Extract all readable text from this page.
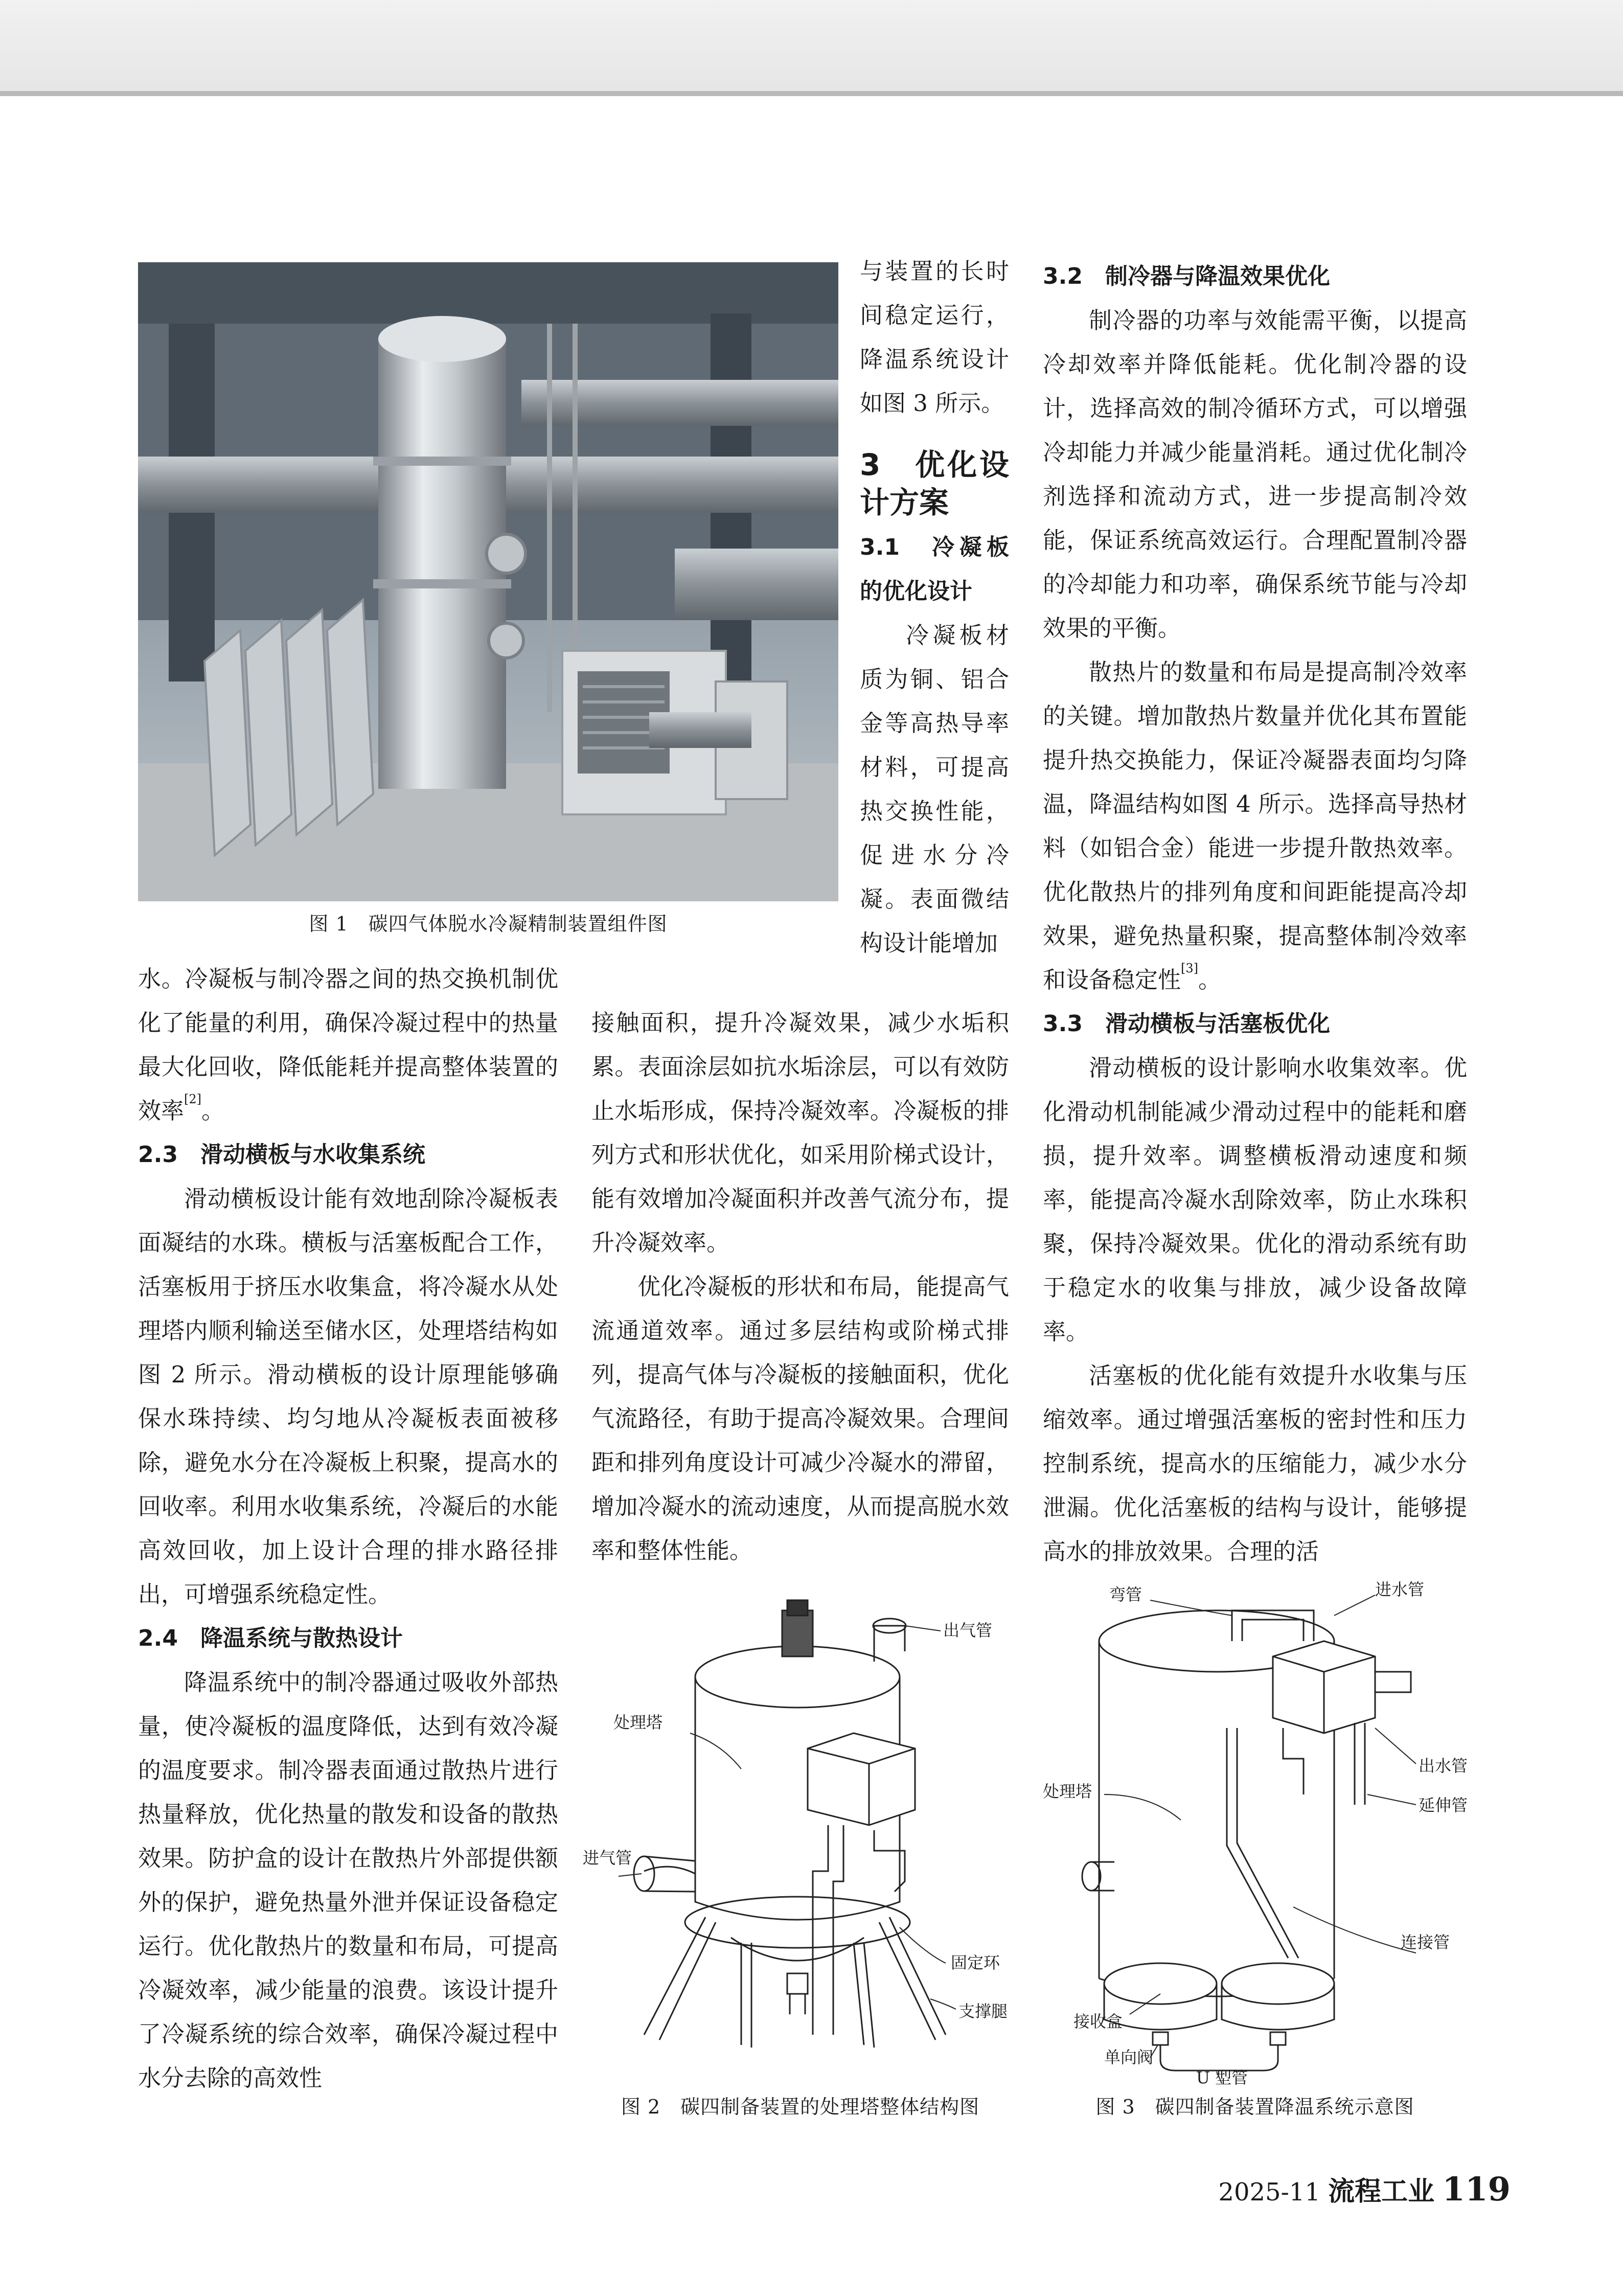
图 1　碳四气体脱水冷凝精制装置组件图

与装置的长时间稳定运行，降温系统设计如图 3 所示。

3　优化设计方案
3.1　冷凝板的优化设计

冷凝板材质为铜、铝合金等高热导率材料，可提高热交换性能，促进水分冷凝。表面微结构设计能增加

水。冷凝板与制冷器之间的热交换机制优化了能量的利用，确保冷凝过程中的热量最大化回收，降低能耗并提高整体装置的效率[2]。

2.3　滑动横板与水收集系统

滑动横板设计能有效地刮除冷凝板表面凝结的水珠。横板与活塞板配合工作，活塞板用于挤压水收集盒，将冷凝水从处理塔内顺利输送至储水区，处理塔结构如图 2 所示。滑动横板的设计原理能够确保水珠持续、均匀地从冷凝板表面被移除，避免水分在冷凝板上积聚，提高水的回收率。利用水收集系统，冷凝后的水能高效回收，加上设计合理的排水路径排出，可增强系统稳定性。

2.4　降温系统与散热设计

降温系统中的制冷器通过吸收外部热量，使冷凝板的温度降低，达到有效冷凝的温度要求。制冷器表面通过散热片进行热量释放，优化热量的散发和设备的散热效果。防护盒的设计在散热片外部提供额外的保护，避免热量外泄并保证设备稳定运行。优化散热片的数量和布局，可提高冷凝效率，减少能量的浪费。该设计提升了冷凝系统的综合效率，确保冷凝过程中水分去除的高效性

接触面积，提升冷凝效果，减少水垢积累。表面涂层如抗水垢涂层，可以有效防止水垢形成，保持冷凝效率。冷凝板的排列方式和形状优化，如采用阶梯式设计，能有效增加冷凝面积并改善气流分布，提升冷凝效率。

优化冷凝板的形状和布局，能提高气流通道效率。通过多层结构或阶梯式排列，提高气体与冷凝板的接触面积，优化气流路径，有助于提高冷凝效果。合理间距和排列角度设计可减少冷凝水的滞留，增加冷凝水的流动速度，从而提高脱水效率和整体性能。

3.2　制冷器与降温效果优化

制冷器的功率与效能需平衡，以提高冷却效率并降低能耗。优化制冷器的设计，选择高效的制冷循环方式，可以增强冷却能力并减少能量消耗。通过优化制冷剂选择和流动方式，进一步提高制冷效能，保证系统高效运行。合理配置制冷器的冷却能力和功率，确保系统节能与冷却效果的平衡。

散热片的数量和布局是提高制冷效率的关键。增加散热片数量并优化其布置能提升热交换能力，保证冷凝器表面均匀降温，降温结构如图 4 所示。选择高导热材料（如铝合金）能进一步提升散热效率。优化散热片的排列角度和间距能提高冷却效果，避免热量积聚，提高整体制冷效率和设备稳定性[3]。

3.3　滑动横板与活塞板优化

滑动横板的设计影响水收集效率。优化滑动机制能减少滑动过程中的能耗和磨损，提升效率。调整横板滑动速度和频率，能提高冷凝水刮除效率，防止水珠积聚，保持冷凝效果。优化的滑动系统有助于稳定水的收集与排放，减少设备故障率。

活塞板的优化能有效提升水收集与压缩效率。通过增强活塞板的密封性和压力控制系统，提高水的压缩能力，减少水分泄漏。优化活塞板的结构与设计，能够提高水的排放效果。合理的活

出气管
处理塔
进气管
固定环
支撑腿
图 2　碳四制备装置的处理塔整体结构图
弯管	进水管
处理塔
出水管
延伸管
连接管
接收盒
单向阀
U 型管
图 3　碳四制备装置降温系统示意图
2025-11 流程工业 119
